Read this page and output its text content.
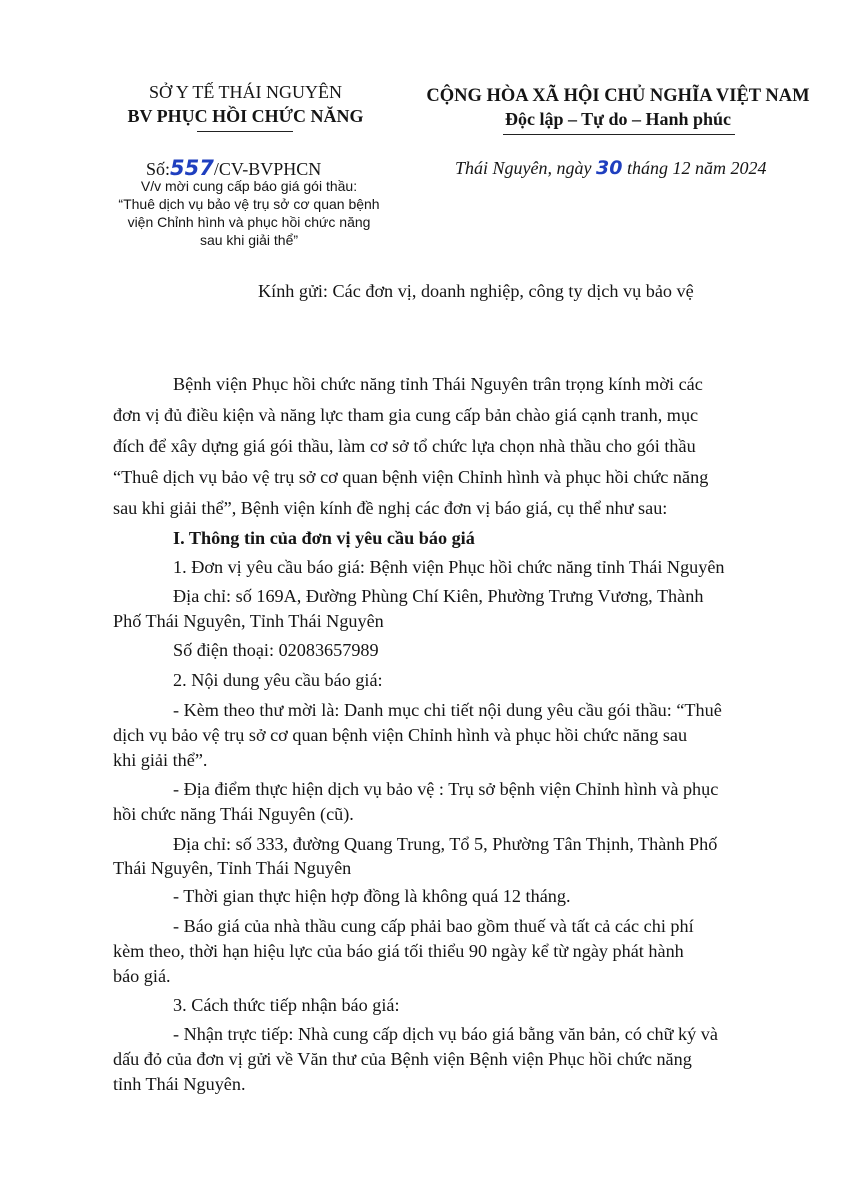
SỞ Y TẾ THÁI NGUYÊN
BV PHỤC HỒI CHỨC NĂNG
CỘNG HÒA XÃ HỘI CHỦ NGHĨA VIỆT NAM
Độc lập – Tự do – Hanh phúc
Số:557/CV-BVPHCN
V/v mời cung cấp báo giá gói thầu:
“Thuê dịch vụ bảo vệ trụ sở cơ quan bệnh
viện Chỉnh hình và phục hồi chức năng
sau khi giải thể”
Thái Nguyên, ngày 30 tháng 12 năm 2024
Kính gửi: Các đơn vị, doanh nghiệp, công ty dịch vụ bảo vệ
Bệnh viện Phục hồi chức năng tỉnh Thái Nguyên trân trọng kính mời các
đơn vị đủ điều kiện và năng lực tham gia cung cấp bản chào giá cạnh tranh, mục
đích để xây dựng giá gói thầu, làm cơ sở tổ chức lựa chọn nhà thầu cho gói thầu
“Thuê dịch vụ bảo vệ trụ sở cơ quan bệnh viện Chỉnh hình và phục hồi chức năng
sau khi giải thể”, Bệnh viện kính đề nghị các đơn vị báo giá, cụ thể như sau:
I. Thông tin của đơn vị yêu cầu báo giá
1. Đơn vị yêu cầu báo giá: Bệnh viện Phục hồi chức năng tỉnh Thái Nguyên
Địa chỉ: số 169A, Đường Phùng Chí Kiên, Phường Trưng Vương, Thành
Phố Thái Nguyên, Tỉnh Thái Nguyên
Số điện thoại: 02083657989
2. Nội dung yêu cầu báo giá:
- Kèm theo thư mời là: Danh mục chi tiết nội dung yêu cầu gói thầu: “Thuê
dịch vụ bảo vệ trụ sở cơ quan bệnh viện Chỉnh hình và phục hồi chức năng sau
khi giải thể”.
- Địa điểm thực hiện dịch vụ bảo vệ : Trụ sở bệnh viện Chỉnh hình và phục
hồi chức năng Thái Nguyên (cũ).
Địa chỉ: số 333, đường Quang Trung, Tổ 5, Phường Tân Thịnh, Thành Phố
Thái Nguyên, Tỉnh Thái Nguyên
- Thời gian thực hiện hợp đồng là không quá 12 tháng.
- Báo giá của nhà thầu cung cấp phải bao gồm thuế và tất cả các chi phí
kèm theo, thời hạn hiệu lực của báo giá tối thiểu 90 ngày kể từ ngày phát hành
báo giá.
3. Cách thức tiếp nhận báo giá:
- Nhận trực tiếp: Nhà cung cấp dịch vụ báo giá bằng văn bản, có chữ ký và
dấu đỏ của đơn vị gửi về Văn thư của Bệnh viện Bệnh viện Phục hồi chức năng
tỉnh Thái Nguyên.
